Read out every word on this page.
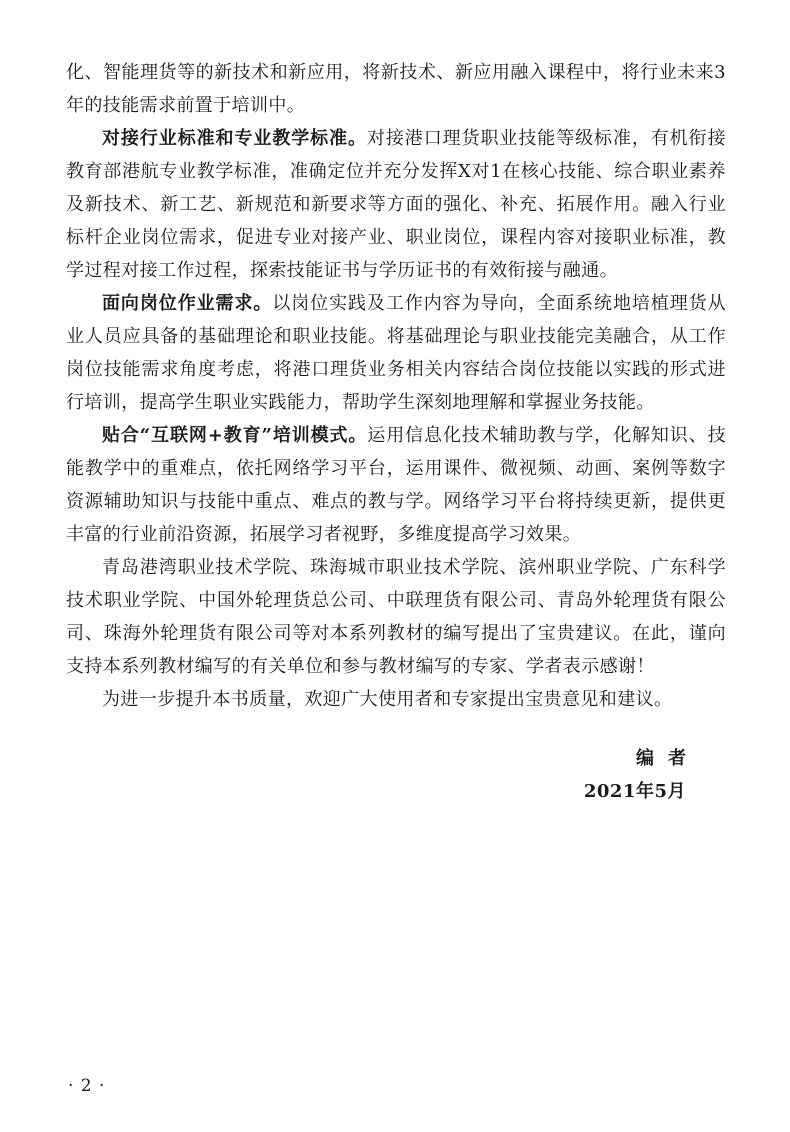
化、智能理货等的新技术和新应用，将新技术、新应用融入课程中，将行业未来3年的技能需求前置于培训中。

对接行业标准和专业教学标准。对接港口理货职业技能等级标准，有机衔接教育部港航专业教学标准，准确定位并充分发挥X对1在核心技能、综合职业素养及新技术、新工艺、新规范和新要求等方面的强化、补充、拓展作用。融入行业标杆企业岗位需求，促进专业对接产业、职业岗位，课程内容对接职业标准，教学过程对接工作过程，探索技能证书与学历证书的有效衔接与融通。

面向岗位作业需求。以岗位实践及工作内容为导向，全面系统地培植理货从业人员应具备的基础理论和职业技能。将基础理论与职业技能完美融合，从工作岗位技能需求角度考虑，将港口理货业务相关内容结合岗位技能以实践的形式进行培训，提高学生职业实践能力，帮助学生深刻地理解和掌握业务技能。

贴合“互联网+教育”培训模式。运用信息化技术辅助教与学，化解知识、技能教学中的重难点，依托网络学习平台，运用课件、微视频、动画、案例等数字资源辅助知识与技能中重点、难点的教与学。网络学习平台将持续更新，提供更丰富的行业前沿资源，拓展学习者视野，多维度提高学习效果。

青岛港湾职业技术学院、珠海城市职业技术学院、滨州职业学院、广东科学技术职业学院、中国外轮理货总公司、中联理货有限公司、青岛外轮理货有限公司、珠海外轮理货有限公司等对本系列教材的编写提出了宝贵建议。在此，谨向支持本系列教材编写的有关单位和参与教材编写的专家、学者表示感谢！

为进一步提升本书质量，欢迎广大使用者和专家提出宝贵意见和建议。

编者
2021年5月
· 2 ·
